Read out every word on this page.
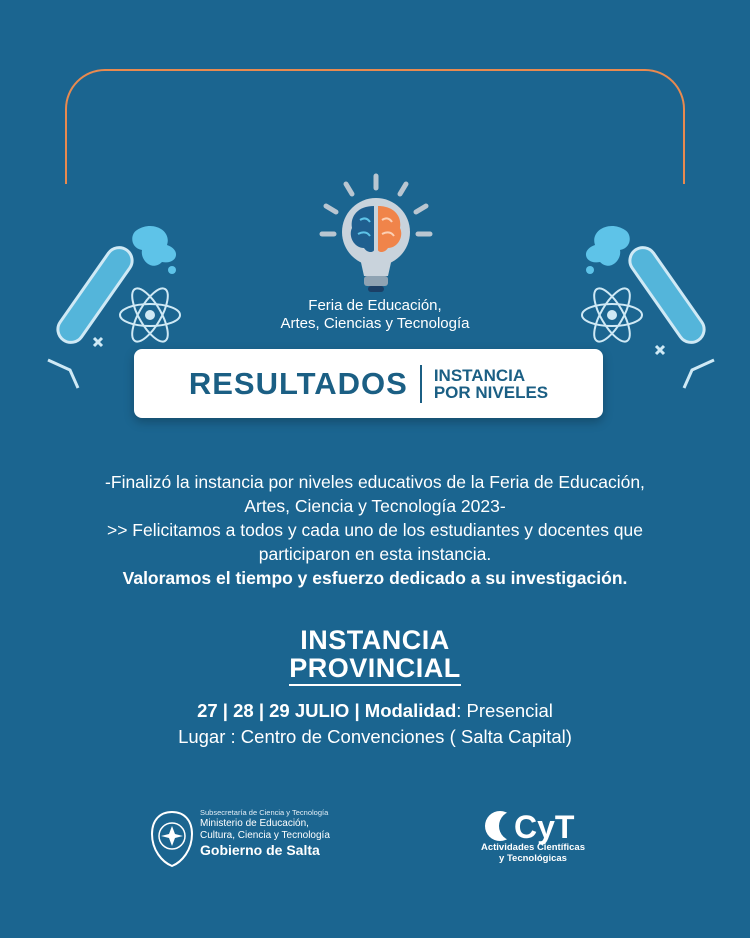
Feria de Educación,
Artes, Ciencias y Tecnología
RESULTADOS INSTANCIA
POR NIVELES
-Finalizó la instancia por niveles educativos de la Feria de Educación,
Artes, Ciencia y Tecnología 2023-
>> Felicitamos a todos y cada uno de los estudiantes y docentes que
participaron en esta instancia.
Valoramos el tiempo y esfuerzo dedicado a su investigación.
INSTANCIA
PROVINCIAL
27 | 28 | 29 JULIO | Modalidad: Presencial
Lugar : Centro de Convenciones ( Salta Capital)
Subsecretaría de Ciencia y Tecnología
Ministerio de Educación,
Cultura, Ciencia y Tecnología
Gobierno de Salta
CyT
Actividades Científicas
y Tecnológicas
